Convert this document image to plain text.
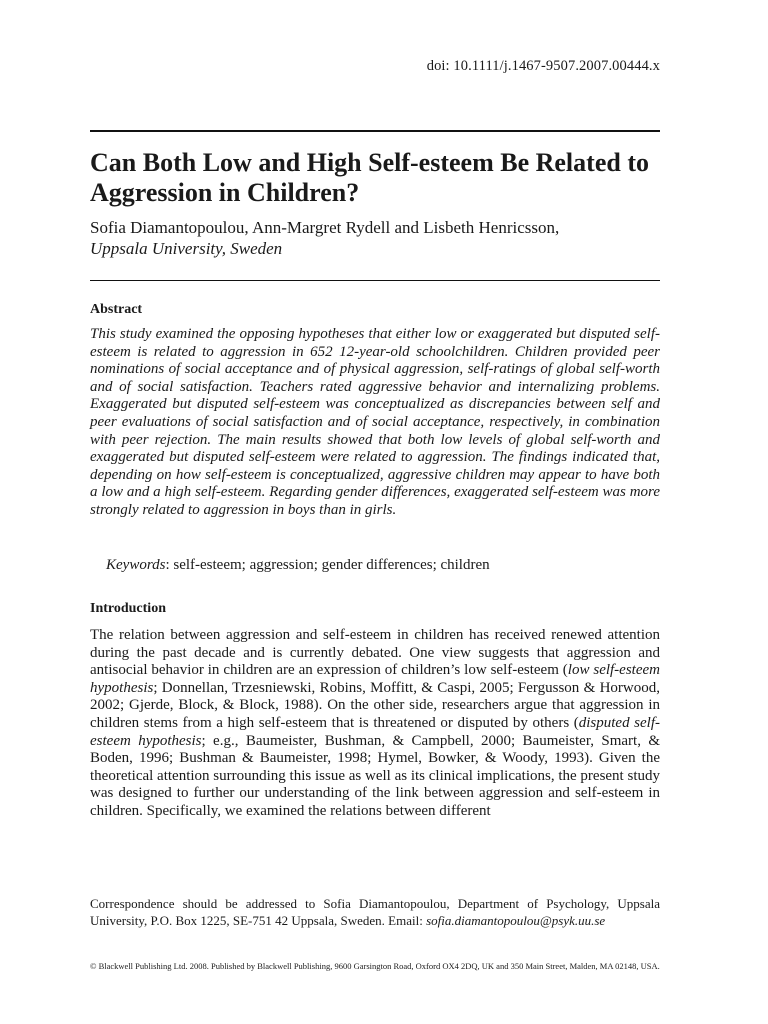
doi: 10.1111/j.1467-9507.2007.00444.x
Can Both Low and High Self-esteem Be Related to Aggression in Children?
Sofia Diamantopoulou, Ann-Margret Rydell and Lisbeth Henricsson,
Uppsala University, Sweden
Abstract

This study examined the opposing hypotheses that either low or exaggerated but disputed self-esteem is related to aggression in 652 12-year-old schoolchildren. Children provided peer nominations of social acceptance and of physical aggression, self-ratings of global self-worth and of social satisfaction. Teachers rated aggressive behavior and internalizing problems. Exaggerated but disputed self-esteem was conceptualized as discrepancies between self and peer evaluations of social satisfaction and of social acceptance, respectively, in combination with peer rejection. The main results showed that both low levels of global self-worth and exaggerated but disputed self-esteem were related to aggression. The findings indicated that, depending on how self-esteem is conceptualized, aggressive children may appear to have both a low and a high self-esteem. Regarding gender differences, exaggerated self-esteem was more strongly related to aggression in boys than in girls.

Keywords: self-esteem; aggression; gender differences; children
Introduction

The relation between aggression and self-esteem in children has received renewed attention during the past decade and is currently debated. One view suggests that aggression and antisocial behavior in children are an expression of children’s low self-esteem (low self-esteem hypothesis; Donnellan, Trzesniewski, Robins, Moffitt, & Caspi, 2005; Fergusson & Horwood, 2002; Gjerde, Block, & Block, 1988). On the other side, researchers argue that aggression in children stems from a high self-esteem that is threatened or disputed by others (disputed self-esteem hypothesis; e.g., Baumeister, Bushman, & Campbell, 2000; Baumeister, Smart, & Boden, 1996; Bushman & Baumeister, 1998; Hymel, Bowker, & Woody, 1993). Given the theoretical attention surrounding this issue as well as its clinical implications, the present study was designed to further our understanding of the link between aggression and self-esteem in children. Specifically, we examined the relations between different

Correspondence should be addressed to Sofia Diamantopoulou, Department of Psychology, Uppsala University, P.O. Box 1225, SE-751 42 Uppsala, Sweden. Email: sofia.diamantopoulou@psyk.uu.se

© Blackwell Publishing Ltd. 2008. Published by Blackwell Publishing, 9600 Garsington Road, Oxford OX4 2DQ, UK and 350 Main Street, Malden, MA 02148, USA.
